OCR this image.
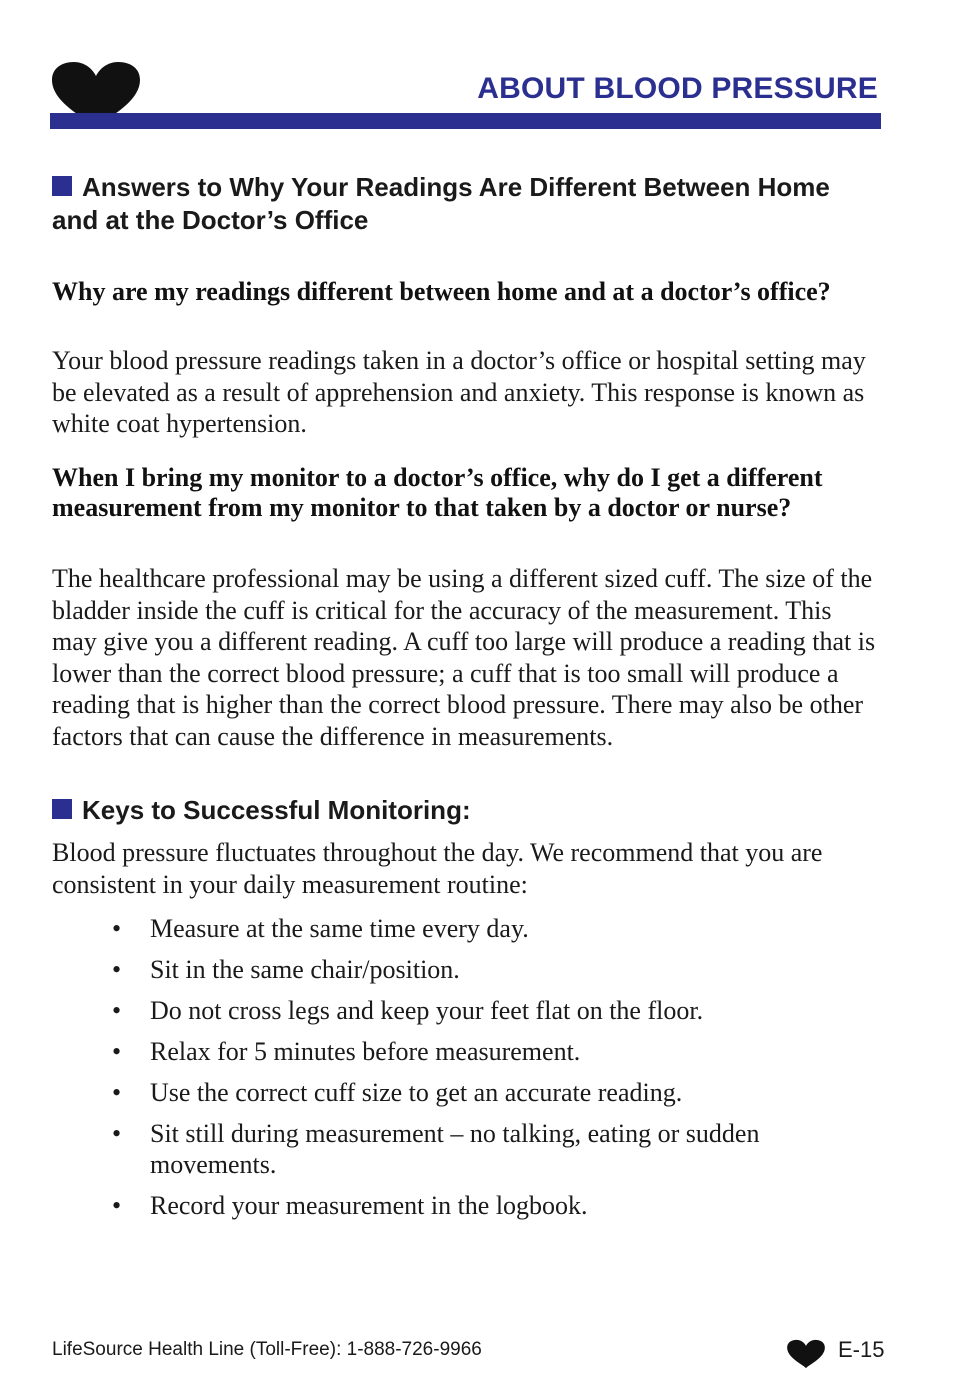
ABOUT BLOOD PRESSURE
Answers to Why Your Readings Are Different Between Home and at the Doctor’s Office
Why are my readings different between home and at a doctor’s office?
Your blood pressure readings taken in a doctor’s office or hospital setting may be elevated as a result of apprehension and anxiety. This response is known as white coat hypertension.
When I bring my monitor to a doctor’s office, why do I get a different measurement from my monitor to that taken by a doctor or nurse?
The healthcare professional may be using a different sized cuff. The size of the bladder inside the cuff is critical for the accuracy of the measurement. This may give you a different reading. A cuff too large will produce a reading that is lower than the correct blood pressure; a cuff that is too small will produce a reading that is higher than the correct blood pressure. There may also be other factors that can cause the difference in measurements.
Keys to Successful Monitoring:
Blood pressure fluctuates throughout the day. We recommend that you are consistent in your daily measurement routine:
• Measure at the same time every day.
• Sit in the same chair/position.
• Do not cross legs and keep your feet flat on the floor.
• Relax for 5 minutes before measurement.
• Use the correct cuff size to get an accurate reading.
• Sit still during measurement – no talking, eating or sudden movements.
• Record your measurement in the logbook.
LifeSource Health Line (Toll-Free): 1-888-726-9966	E-15
